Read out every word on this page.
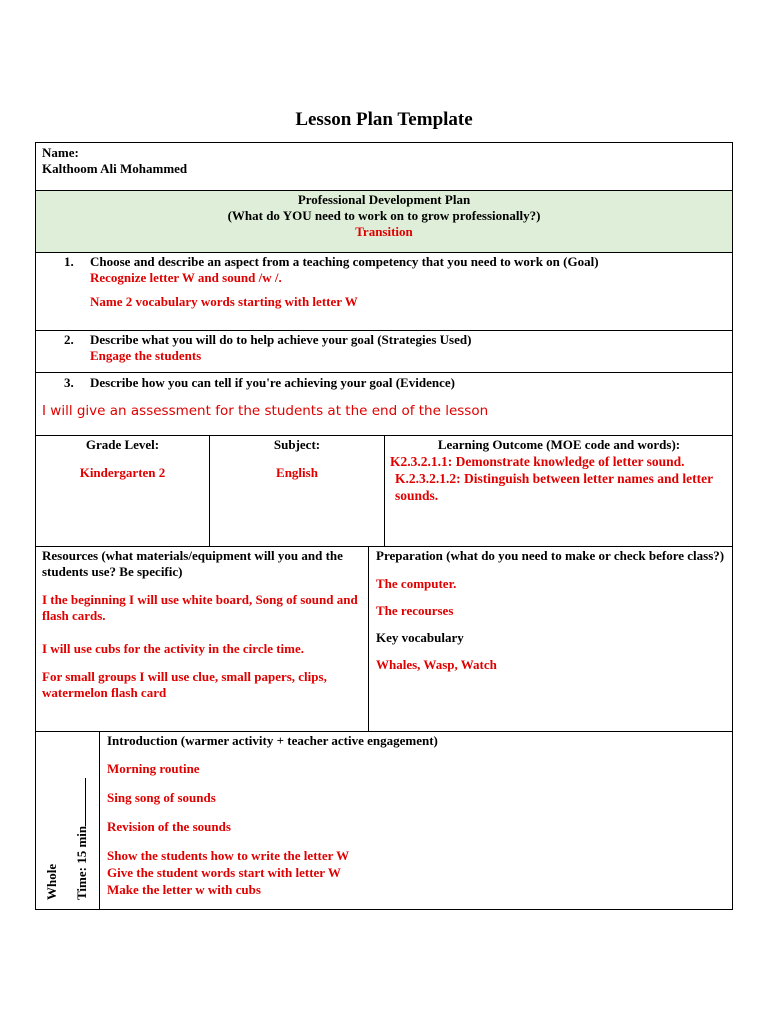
Lesson Plan Template
Name:
Kalthoom Ali Mohammed
Professional Development Plan
(What do YOU need to work on to grow professionally?)
Transition
1. Choose and describe an aspect from a teaching competency that you need to work on (Goal)
Recognize letter W and sound /w /.
Name 2 vocabulary words starting with letter W
2. Describe what you will do to help achieve your goal (Strategies Used)
Engage the students
3. Describe how you can tell if you're achieving your goal (Evidence)
I will give an assessment for the students at the end of the lesson
Grade Level:
Kindergarten 2
Subject:
English
Learning Outcome (MOE code and words):
K2.3.2.1.1: Demonstrate knowledge of letter sound.
K.2.3.2.1.2: Distinguish between letter names and letter sounds.
Resources (what materials/equipment will you and the students use? Be specific)
I the beginning I will use white board, Song of sound and flash cards.
I will use cubs for the activity in the circle time.
For small groups I will use clue, small papers, clips, watermelon flash card
Preparation (what do you need to make or check before class?)
The computer.
The recourses
Key vocabulary
Whales, Wasp, Watch
Whole Time: 15 min
Introduction (warmer activity + teacher active engagement)
Morning routine
Sing song of sounds
Revision of the sounds
Show the students how to write the letter W
Give the student words start with letter W
Make the letter w with cubs
